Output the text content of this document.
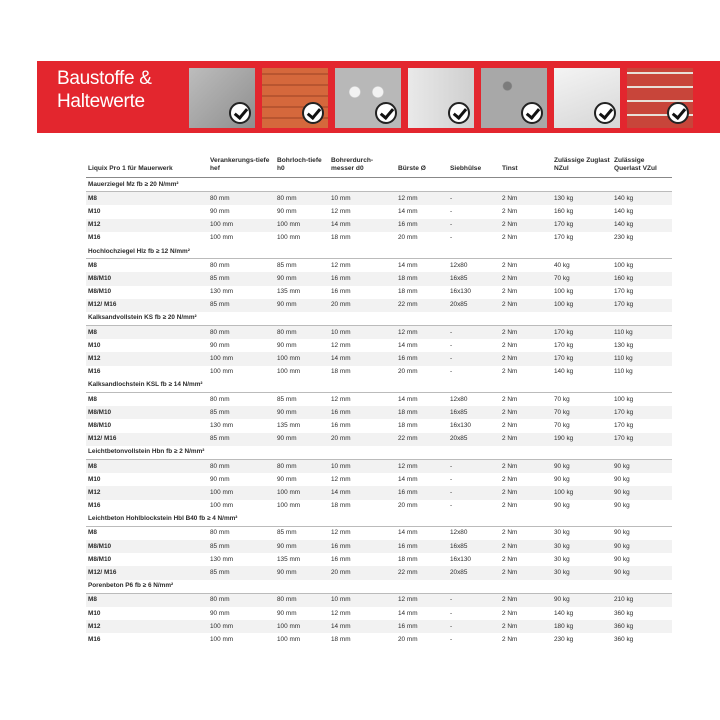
Baustoffe &
Haltewerte
Liquix Pro 1 für Mauerwerk	Verankerungs-tiefe hef	Bohrloch-tiefe h0	Bohrerdurch-messer d0	Bürste Ø	Siebhülse	Tinst	Zulässige Zuglast NZul	Zulässige Querlast VZul
Mauerziegel Mz fb ≥ 20 N/mm²								
M8	80 mm	80 mm	10 mm	12 mm	-	2 Nm	130 kg	140 kg
M10	90 mm	90 mm	12 mm	14 mm	-	2 Nm	160 kg	140 kg
M12	100 mm	100 mm	14 mm	16 mm	-	2 Nm	170 kg	140 kg
M16	100 mm	100 mm	18 mm	20 mm	-	2 Nm	170 kg	230 kg
Hochlochziegel Hlz fb ≥ 12 N/mm²								
M8	80 mm	85 mm	12 mm	14 mm	12x80	2 Nm	40 kg	100 kg
M8/M10	85 mm	90 mm	16 mm	18 mm	16x85	2 Nm	70 kg	160 kg
M8/M10	130 mm	135 mm	16 mm	18 mm	16x130	2 Nm	100 kg	170 kg
M12/ M16	85 mm	90 mm	20 mm	22 mm	20x85	2 Nm	100 kg	170 kg
Kalksandvollstein KS fb ≥ 20 N/mm²								
M8	80 mm	80 mm	10 mm	12 mm	-	2 Nm	170 kg	110 kg
M10	90 mm	90 mm	12 mm	14 mm	-	2 Nm	170 kg	130 kg
M12	100 mm	100 mm	14 mm	16 mm	-	2 Nm	170 kg	110 kg
M16	100 mm	100 mm	18 mm	20 mm	-	2 Nm	140 kg	110 kg
Kalksandlochstein KSL fb ≥ 14 N/mm²								
M8	80 mm	85 mm	12 mm	14 mm	12x80	2 Nm	70 kg	100 kg
M8/M10	85 mm	90 mm	16 mm	18 mm	16x85	2 Nm	70 kg	170 kg
M8/M10	130 mm	135 mm	16 mm	18 mm	16x130	2 Nm	70 kg	170 kg
M12/ M16	85 mm	90 mm	20 mm	22 mm	20x85	2 Nm	190 kg	170 kg
Leichtbetonvollstein Hbn fb ≥ 2 N/mm²								
M8	80 mm	80 mm	10 mm	12 mm	-	2 Nm	90 kg	90 kg
M10	90 mm	90 mm	12 mm	14 mm	-	2 Nm	90 kg	90 kg
M12	100 mm	100 mm	14 mm	16 mm	-	2 Nm	100 kg	90 kg
M16	100 mm	100 mm	18 mm	20 mm	-	2 Nm	90 kg	90 kg
Leichtbeton Hohlblockstein Hbl B40 fb ≥ 4 N/mm²								
M8	80 mm	85 mm	12 mm	14 mm	12x80	2 Nm	30 kg	90 kg
M8/M10	85 mm	90 mm	16 mm	16 mm	16x85	2 Nm	30 kg	90 kg
M8/M10	130 mm	135 mm	16 mm	18 mm	16x130	2 Nm	30 kg	90 kg
M12/ M16	85 mm	90 mm	20 mm	22 mm	20x85	2 Nm	30 kg	90 kg
Porenbeton P6 fb ≥ 6 N/mm²								
M8	80 mm	80 mm	10 mm	12 mm	-	2 Nm	90 kg	210 kg
M10	90 mm	90 mm	12 mm	14 mm	-	2 Nm	140 kg	360 kg
M12	100 mm	100 mm	14 mm	16 mm	-	2 Nm	180 kg	360 kg
M16	100 mm	100 mm	18 mm	20 mm	-	2 Nm	230 kg	360 kg
